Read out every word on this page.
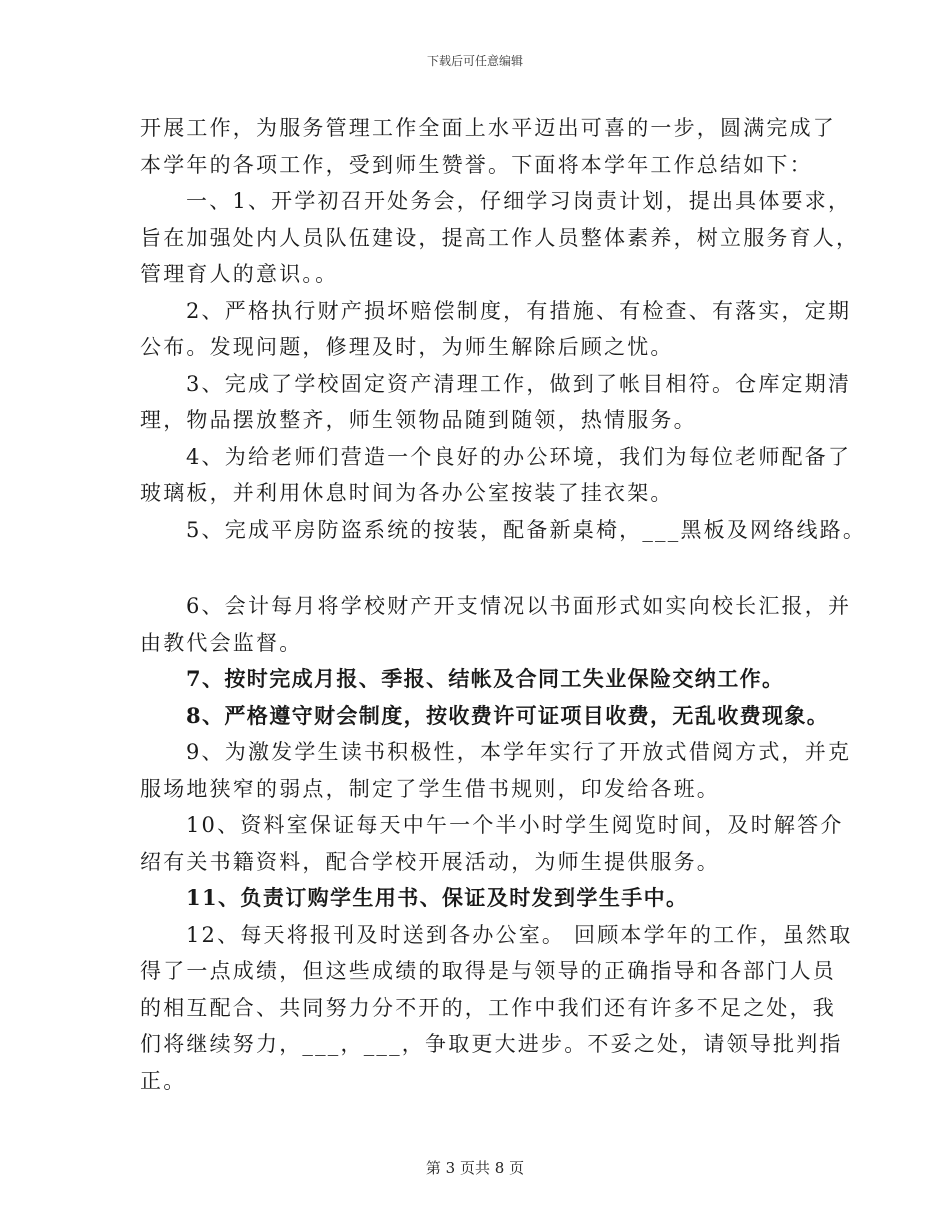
下载后可任意编辑
开展工作，为服务管理工作全面上水平迈出可喜的一步，圆满完成了
本学年的各项工作，受到师生赞誉。下面将本学年工作总结如下：
一、1、开学初召开处务会，仔细学习岗责计划，提出具体要求，
旨在加强处内人员队伍建设，提高工作人员整体素养，树立服务育人，
管理育人的意识。。
2、严格执行财产损坏赔偿制度，有措施、有检查、有落实，定期
公布。发现问题，修理及时，为师生解除后顾之忧。
3、完成了学校固定资产清理工作，做到了帐目相符。仓库定期清
理，物品摆放整齐，师生领物品随到随领，热情服务。
4、为给老师们营造一个良好的办公环境，我们为每位老师配备了
玻璃板，并利用休息时间为各办公室按装了挂衣架。
5、完成平房防盗系统的按装，配备新桌椅，___黑板及网络线路。
6、会计每月将学校财产开支情况以书面形式如实向校长汇报，并
由教代会监督。
7、按时完成月报、季报、结帐及合同工失业保险交纳工作。
8、严格遵守财会制度，按收费许可证项目收费，无乱收费现象。
9、为激发学生读书积极性，本学年实行了开放式借阅方式，并克
服场地狭窄的弱点，制定了学生借书规则，印发给各班。
10、资料室保证每天中午一个半小时学生阅览时间，及时解答介
绍有关书籍资料，配合学校开展活动，为师生提供服务。
11、负责订购学生用书、保证及时发到学生手中。
12、每天将报刊及时送到各办公室。 回顾本学年的工作，虽然取
得了一点成绩，但这些成绩的取得是与领导的正确指导和各部门人员
的相互配合、共同努力分不开的，工作中我们还有许多不足之处，我
们将继续努力，___，___，争取更大进步。不妥之处，请领导批判指
正。
第 3 页共 8 页
